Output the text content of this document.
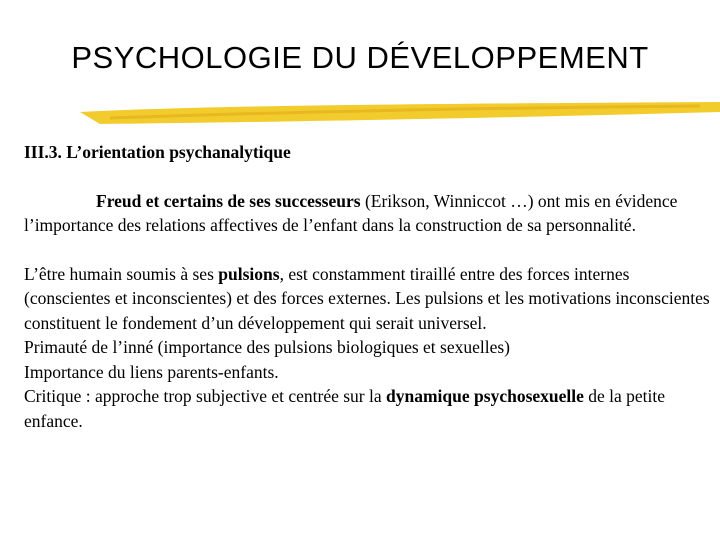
PSYCHOLOGIE DU DÉVELOPPEMENT

III.3. L’orientation psychanalytique

Freud et certains de ses successeurs (Erikson, Winniccot …) ont mis en évidence l’importance des relations affectives de l’enfant dans la construction de sa personnalité.

L’être humain soumis à ses pulsions, est constamment tiraillé entre des forces internes (conscientes et inconscientes) et des forces externes. Les pulsions et les motivations inconscientes constituent le fondement d’un développement qui serait universel.
Primauté de l’inné (importance des pulsions biologiques et sexuelles)
Importance du liens parents-enfants.
Critique : approche trop subjective et centrée sur la dynamique psychosexuelle de la petite enfance.
